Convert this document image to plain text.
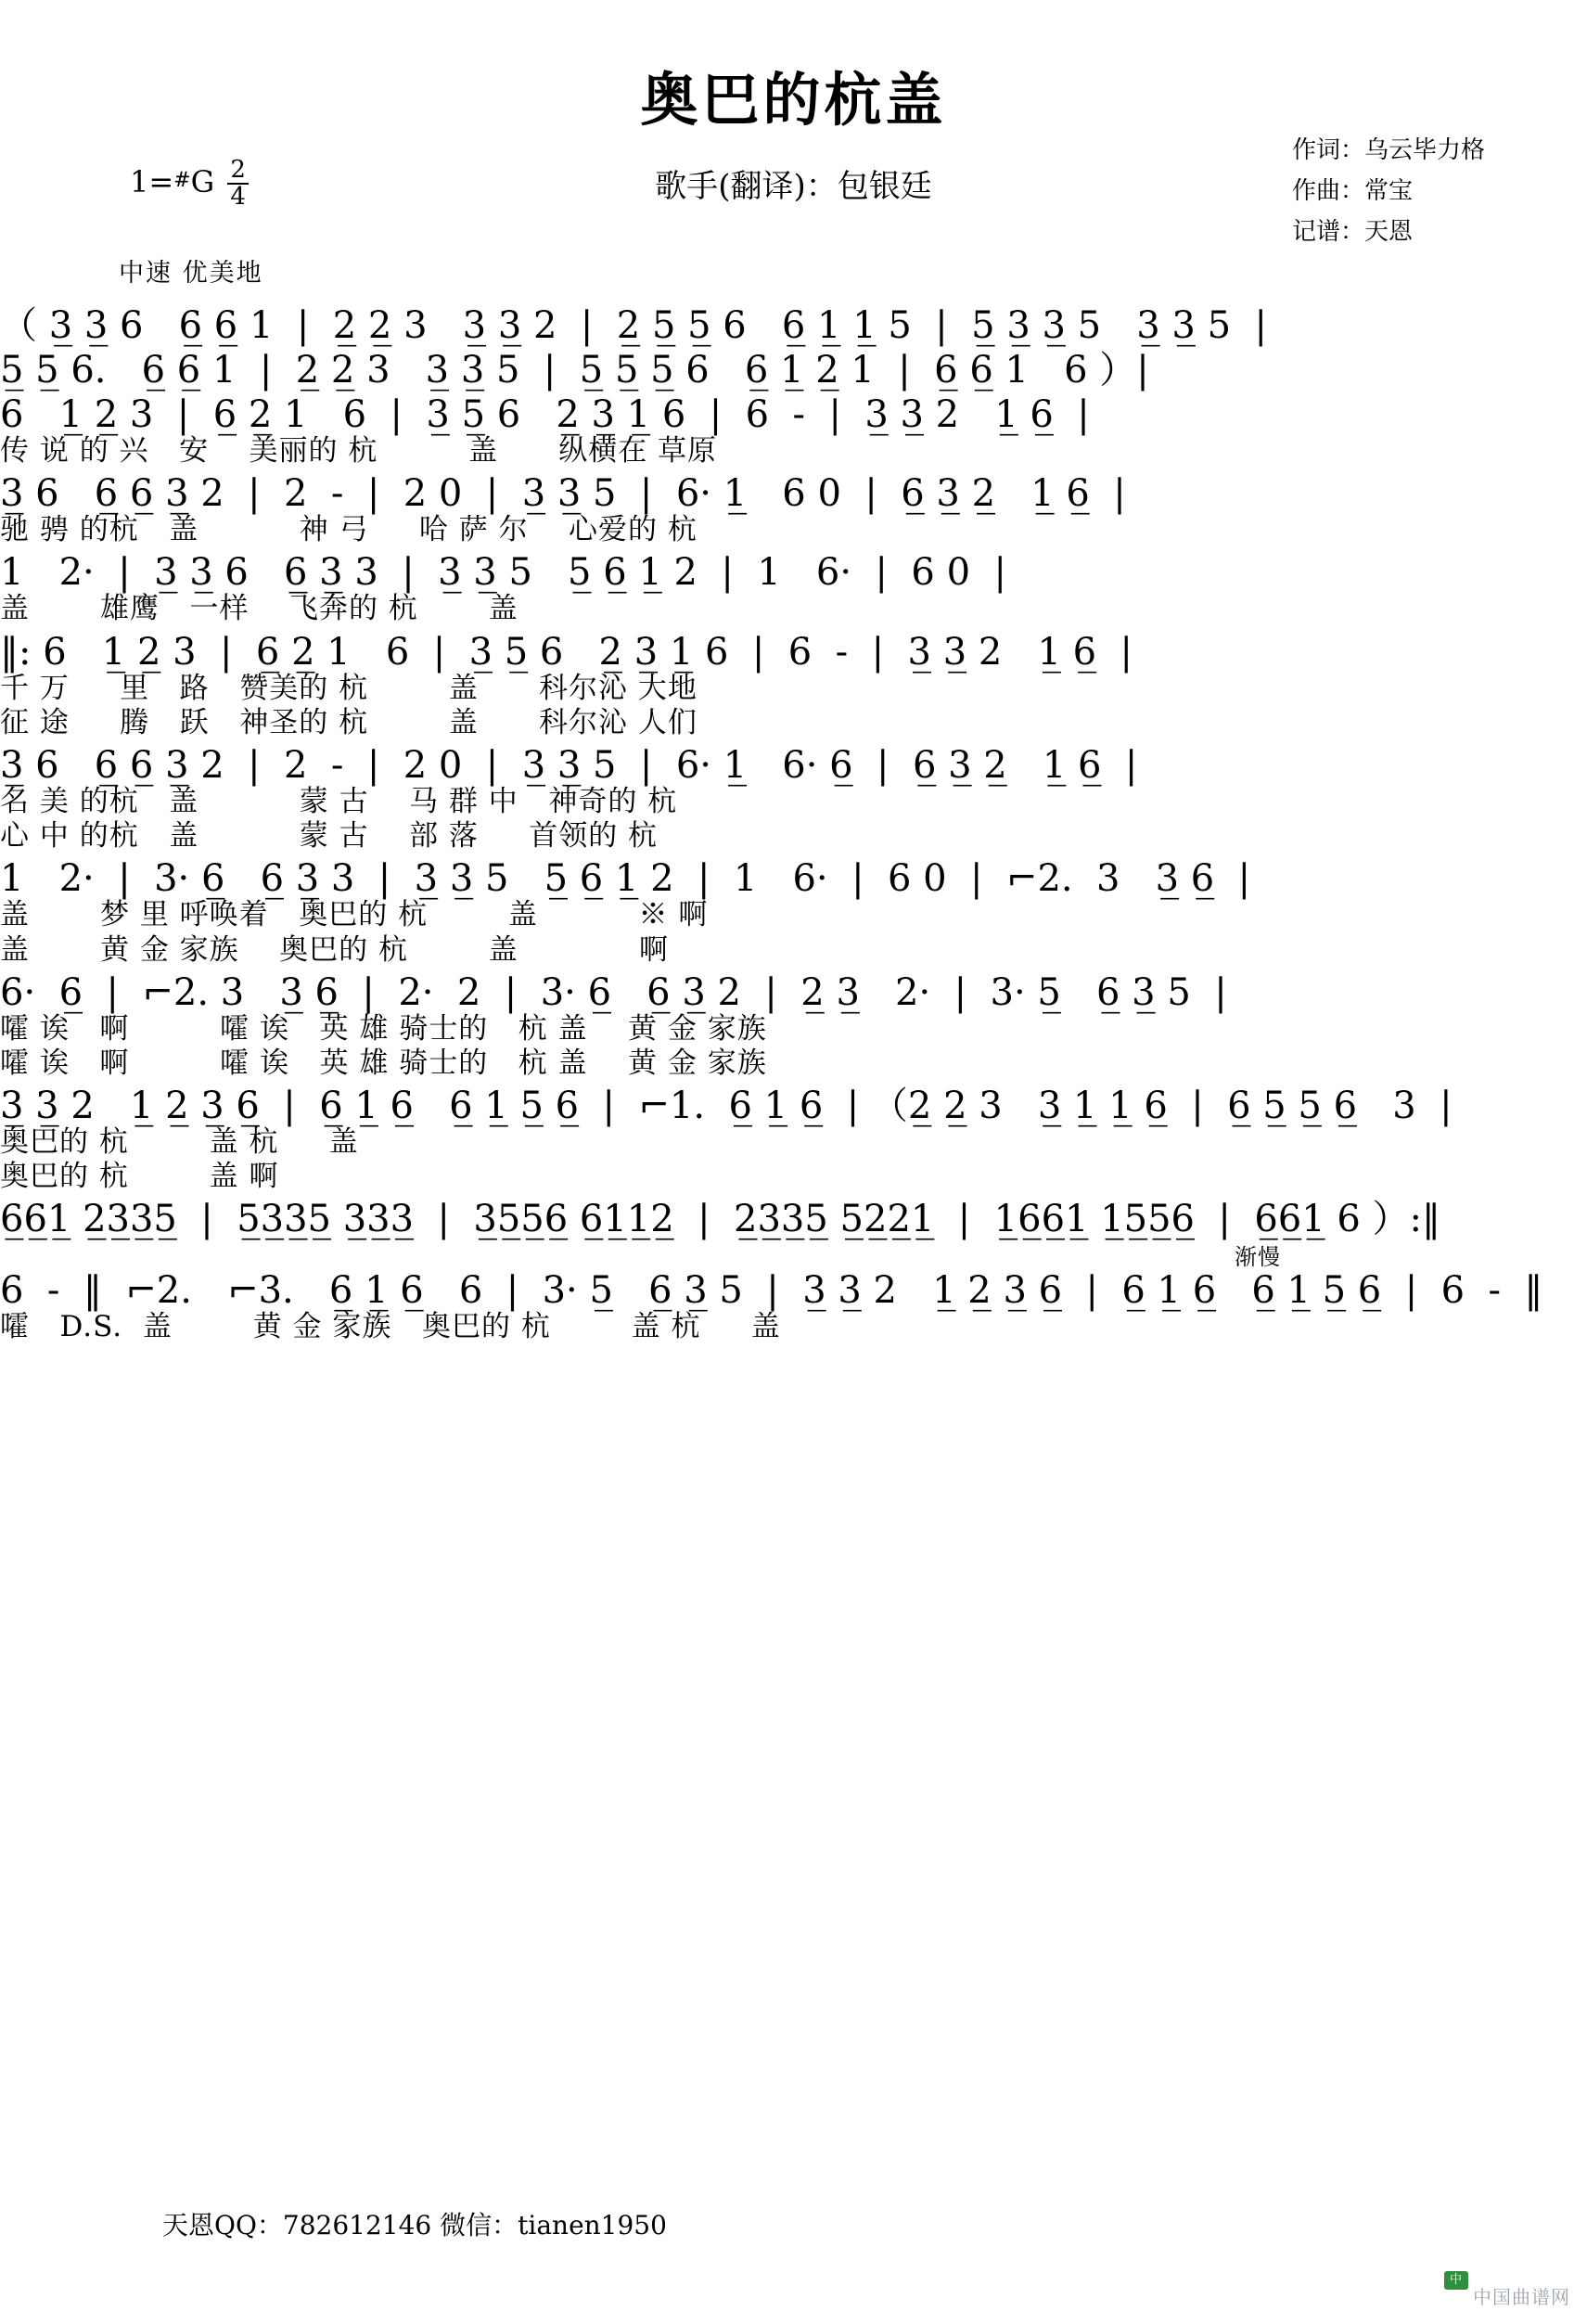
奥巴的杭盖
歌手(翻译)：包银廷
作词：乌云毕力格
作曲：常宝
记谱：天恩
1=#G $\frac{2}{4}$
中速 优美地
（ 3̲ 3̲ 6   6̲ 6̲ 1  |  2̲ 2̲ 3   3̲ 3̲ 2  |  2̲ 5̲ 5̲ 6   6̲ 1̲ 1̲ 5  |  5̲ 3̲ 3̲ 5   3̲ 3̲ 5  |
5̲ 5̲ 6.   6̲ 6̲ 1  |  2̲ 2̲ 3   3̲ 3̲ 5  |  5̲ 5̲ 5̲ 6   6̲ 1̲ 2̲ 1  |  6̲ 6̲ 1   6 ）|
6   1̲ 2̲ 3  |  6̲ 2̲ 1   6  |  3̲ 5̲ 6   2̲ 3̲ 1̲ 6  |  6  -  |  3̲ 3̲ 2   1̲ 6̲  |
传 说 的 兴   安    美丽的 杭         盖      纵横在 草原
3̲ 6   6̲ 6̲ 3̲ 2  |  2  -  |  2 0  |  3̲ 3̲ 5  |  6· 1̲   6 0  |  6̲ 3̲ 2̲   1̲ 6̲  |
驰 骋 的杭   盖          神 弓     哈 萨 尔    心爱的 杭
1   2·  |  3̲ 3̲ 6   6̲ 3̲ 3  |  3̲ 3̲ 5   5̲ 6̲ 1̲ 2  |  1   6·  |  6 0  |
盖       雄鹰   一样    飞奔的 杭       盖
‖: 6   1̲ 2̲ 3  |  6̲ 2̲ 1   6  |  3̲ 5̲ 6   2̲ 3̲ 1̲ 6  |  6  -  |  3̲ 3̲ 2   1̲ 6̲  |
千 万     里   路   赞美的 杭        盖      科尔沁 大地
征 途     腾   跃   神圣的 杭        盖      科尔沁 人们
3̲ 6   6̲ 6̲ 3̲ 2  |  2  -  |  2 0  |  3̲ 3̲ 5  |  6· 1̲   6· 6̲  |  6̲ 3̲ 2̲   1̲ 6̲  |
名 美 的杭   盖          蒙 古    马 群 中   神奇的 杭
心 中 的杭   盖          蒙 古    部 落     首领的 杭
1   2·  |  3· 6̲   6̲ 3̲ 3  |  3̲ 3̲ 5   5̲ 6̲ 1̲ 2  |  1   6·  |  6 0  |  ⌐2.  3   3̲ 6̲  |
盖       梦 里 呼唤着   奥巴的 杭        盖          ※ 啊
盖       黄 金 家族    奥巴的 杭        盖            啊
6·  6̲  |  ⌐2. 3   3̲ 6̲  |  2·  2  |  3· 6̲   6̲ 3̲ 2  |  2̲ 3̲   2·  |  3· 5̲   6̲ 3̲ 5  |
嚯 诶   啊         嚯 诶   英 雄 骑士的   杭 盖    黄 金 家族
嚯 诶   啊         嚯 诶   英 雄 骑士的   杭 盖    黄 金 家族
3̲ 3̲ 2   1̲ 2̲ 3̲ 6̲  |  6̲ 1̲ 6̲   6̲ 1̲ 5̲ 6̲  |  ⌐1.  6̲ 1̲ 6̲  | （2̲ 2̲ 3   3̲ 1̲ 1̲ 6̲  |  6̲ 5̲ 5̲ 6̲   3  |
奥巴的 杭        盖 杭     盖
奥巴的 杭        盖 啊
6̲6̲1̲ 2̲3̲3̲5̲  |  5̲3̲3̲5̲ 3̲3̲3̲  |  3̲5̲5̲6̲ 6̲1̲1̲2̲  |  2̲3̲3̲5̲ 5̲2̲2̲1̲  |  1̲6̲6̲1̲ 1̲5̲5̲6̲  |  6̲6̲1̲ 6 ）:‖
渐慢
6  -  ‖  ⌐2.   ⌐3.   6̲ 1̲ 6̲   6  |  3· 5̲   6̲ 3̲ 5  |  3̲ 3̲ 2   1̲ 2̲ 3̲ 6̲  |  6̲ 1̲ 6̲   6̲ 1̲ 5̲ 6̲  |  6  -  ‖
嚯   D.S.  盖        黄 金 家族   奥巴的 杭        盖 杭     盖
天恩QQ：782612146 微信：tianen1950
中国 中国曲谱网
